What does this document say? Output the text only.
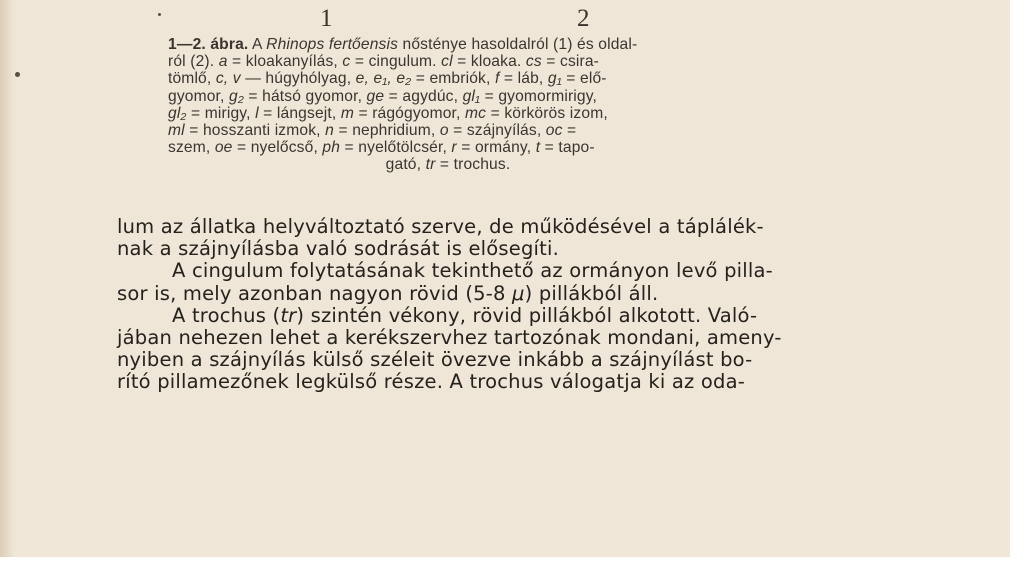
1	2
1—2. ábra. A Rhinops fertőensis nősténye hasoldalról (1) és oldal-
ról (2). a = kloakanyílás, c = cingulum. cl = kloaka. cs = csira-
tömlő, c, v — húgyhólyag, e, e₁, e₂ = embriók, f = láb, g₁ = elő-
gyomor, g₂ = hátsó gyomor, ge = agydúc, gl₁ = gyomormirigy,
gl₂ = mirigy, l = lángsejt, m = rágógyomor, mc = körkörös izom,
ml = hosszanti izmok, n = nephridium, o = szájnyílás, oc =
szem, oe = nyelőcső, ph = nyelőtölcsér, r = ormány, t = tapo-
gató, tr = trochus.
lum az állatka helyváltoztató szerve, de működésével a táplálék-
nak a szájnyílásba való sodrását is elősegíti.
A cingulum folytatásának tekinthető az ormányon levő pilla-
sor is, mely azonban nagyon rövid (5-8 μ) pillákból áll.
A trochus (tr) szintén vékony, rövid pillákból alkotott. Való-
jában nehezen lehet a kerékszervhez tartozónak mondani, ameny-
nyiben a szájnyílás külső széleit övezve inkább a szájnyílást bo-
rító pillamezőnek legkülső része. A trochus válogatja ki az oda-
